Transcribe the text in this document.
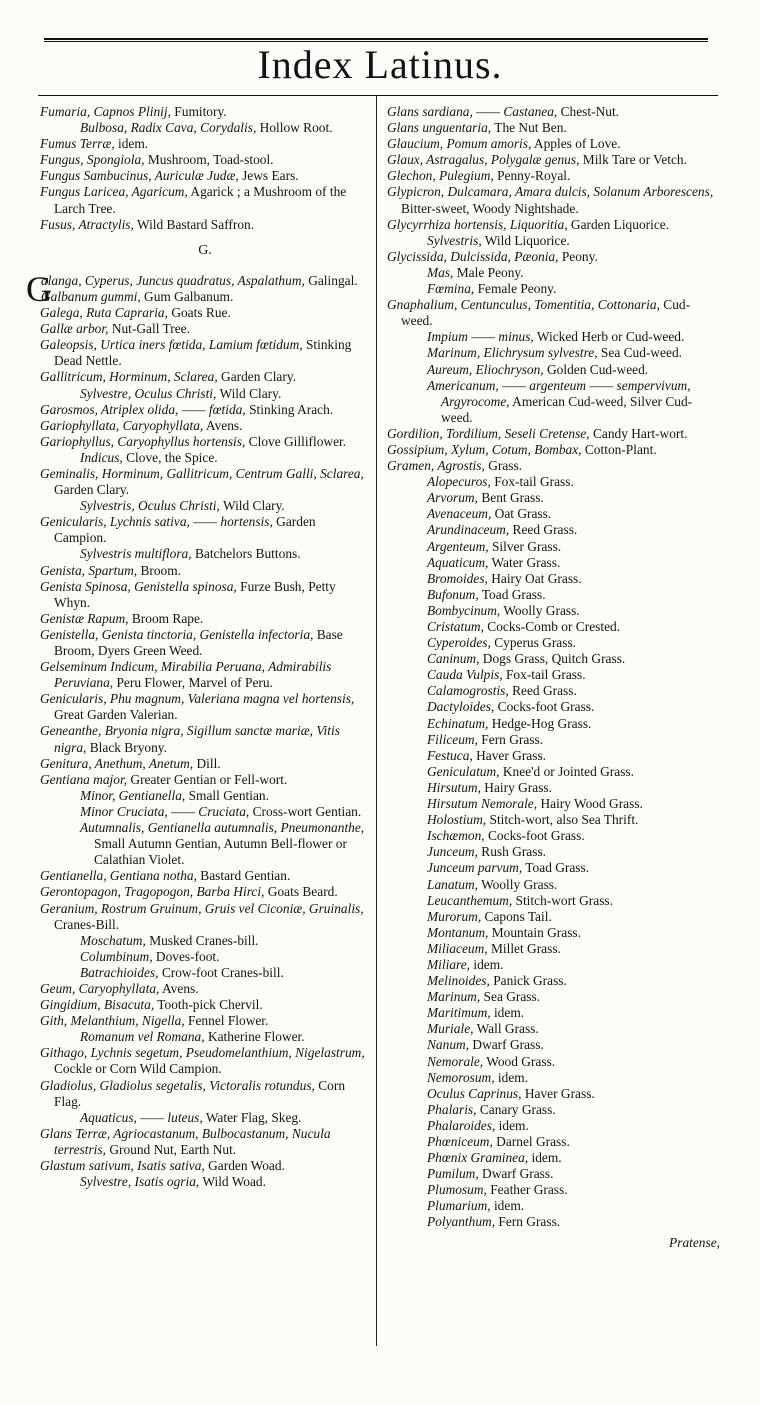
Index Latinus.

Fumaria, Capnos Plinij, Fumitory.

Bulbosa, Radix Cava, Corydalis, Hollow Root.

Fumus Terræ, idem.

Fungus, Spongiola, Mushroom, Toad-stool.

Fungus Sambucinus, Auriculæ Judæ, Jews Ears.

Fungus Laricea, Agaricum, Agarick ; a Mushroom of the Larch Tree.

Fusus, Atractylis, Wild Bastard Saffron.

G.

G
alanga, Cyperus, Juncus quadratus, Aspalathum, Galingal.

Galbanum gummi, Gum Galbanum.

Galega, Ruta Capraria, Goats Rue.

Gallæ arbor, Nut-Gall Tree.

Galeopsis, Urtica iners fœtida, Lamium fœtidum, Stinking Dead Nettle.

Gallitricum, Horminum, Sclarea, Garden Clary.

Sylvestre, Oculus Christi, Wild Clary.

Garosmos, Atriplex olida, —— fœtida, Stinking Arach.

Gariophyllata, Caryophyllata, Avens.

Gariophyllus, Caryophyllus hortensis, Clove Gilliflower.

Indicus, Clove, the Spice.

Geminalis, Horminum, Gallitricum, Centrum Galli, Sclarea, Garden Clary.

Sylvestris, Oculus Christi, Wild Clary.

Genicularis, Lychnis sativa, —— hortensis, Garden Campion.

Sylvestris multiflora, Batchelors Buttons.

Genista, Spartum, Broom.

Genista Spinosa, Genistella spinosa, Furze Bush, Petty Whyn.

Genistæ Rapum, Broom Rape.

Genistella, Genista tinctoria, Genistella infectoria, Base Broom, Dyers Green Weed.

Gelseminum Indicum, Mirabilia Peruana, Admirabilis Peruviana, Peru Flower, Marvel of Peru.

Genicularis, Phu magnum, Valeriana magna vel hortensis, Great Garden Valerian.

Geneanthe, Bryonia nigra, Sigillum sanctæ mariæ, Vitis nigra, Black Bryony.

Genitura, Anethum, Anetum, Dill.

Gentiana major, Greater Gentian or Fell-wort.

Minor, Gentianella, Small Gentian.

Minor Cruciata, —— Cruciata, Cross-wort Gentian.

Autumnalis, Gentianella autumnalis, Pneumonanthe, Small Autumn Gentian, Autumn Bell-flower or Calathian Violet.

Gentianella, Gentiana notha, Bastard Gentian.

Gerontopagon, Tragopogon, Barba Hirci, Goats Beard.

Geranium, Rostrum Gruinum, Gruis vel Ciconiæ, Gruinalis, Cranes-Bill.

Moschatum, Musked Cranes-bill.

Columbinum, Doves-foot.

Batrachioides, Crow-foot Cranes-bill.

Geum, Caryophyllata, Avens.

Gingidium, Bisacuta, Tooth-pick Chervil.

Gith, Melanthium, Nigella, Fennel Flower.

Romanum vel Romana, Katherine Flower.

Githago, Lychnis segetum, Pseudomelanthium, Nigelastrum, Cockle or Corn Wild Campion.

Gladiolus, Gladiolus segetalis, Victoralis rotundus, Corn Flag.

Aquaticus, —— luteus, Water Flag, Skeg.

Glans Terræ, Agriocastanum, Bulbocastanum, Nucula terrestris, Ground Nut, Earth Nut.

Glastum sativum, Isatis sativa, Garden Woad.

Sylvestre, Isatis ogria, Wild Woad.

Glans sardiana, —— Castanea, Chest-Nut.

Glans unguentaria, The Nut Ben.

Glaucium, Pomum amoris, Apples of Love.

Glaux, Astragalus, Polygalæ genus, Milk Tare or Vetch.

Glechon, Pulegium, Penny-Royal.

Glypicron, Dulcamara, Amara dulcis, Solanum Arborescens, Bitter-sweet, Woody Nightshade.

Glycyrrhiza hortensis, Liquoritia, Garden Liquorice.

Sylvestris, Wild Liquorice.

Glycissida, Dulcissida, Pæonia, Peony.

Mas, Male Peony.

Fœmina, Female Peony.

Gnaphalium, Centunculus, Tomentitia, Cottonaria, Cud-weed.

Impium —— minus, Wicked Herb or Cud-weed.

Marinum, Elichrysum sylvestre, Sea Cud-weed.

Aureum, Eliochryson, Golden Cud-weed.

Americanum, —— argenteum —— sempervivum, Argyrocome, American Cud-weed, Silver Cud-weed.

Gordilion, Tordilium, Seseli Cretense, Candy Hart-wort.

Gossipium, Xylum, Cotum, Bombax, Cotton-Plant.

Gramen, Agrostis, Grass.

Alopecuros, Fox-tail Grass.

Arvorum, Bent Grass.

Avenaceum, Oat Grass.

Arundinaceum, Reed Grass.

Argenteum, Silver Grass.

Aquaticum, Water Grass.

Bromoides, Hairy Oat Grass.

Bufonum, Toad Grass.

Bombycinum, Woolly Grass.

Cristatum, Cocks-Comb or Crested.

Cyperoides, Cyperus Grass.

Caninum, Dogs Grass, Quitch Grass.

Cauda Vulpis, Fox-tail Grass.

Calamogrostis, Reed Grass.

Dactyloides, Cocks-foot Grass.

Echinatum, Hedge-Hog Grass.

Filiceum, Fern Grass.

Festuca, Haver Grass.

Geniculatum, Knee'd or Jointed Grass.

Hirsutum, Hairy Grass.

Hirsutum Nemorale, Hairy Wood Grass.

Holostium, Stitch-wort, also Sea Thrift.

Ischæmon, Cocks-foot Grass.

Junceum, Rush Grass.

Junceum parvum, Toad Grass.

Lanatum, Woolly Grass.

Leucanthemum, Stitch-wort Grass.

Murorum, Capons Tail.

Montanum, Mountain Grass.

Miliaceum, Millet Grass.

Miliare, idem.

Melinoides, Panick Grass.

Marinum, Sea Grass.

Maritimum, idem.

Muriale, Wall Grass.

Nanum, Dwarf Grass.

Nemorale, Wood Grass.

Nemorosum, idem.

Oculus Caprinus, Haver Grass.

Phalaris, Canary Grass.

Phalaroides, idem.

Phœniceum, Darnel Grass.

Phœnix Graminea, idem.

Pumilum, Dwarf Grass.

Plumosum, Feather Grass.

Plumarium, idem.

Polyanthum, Fern Grass.

Pratense,
